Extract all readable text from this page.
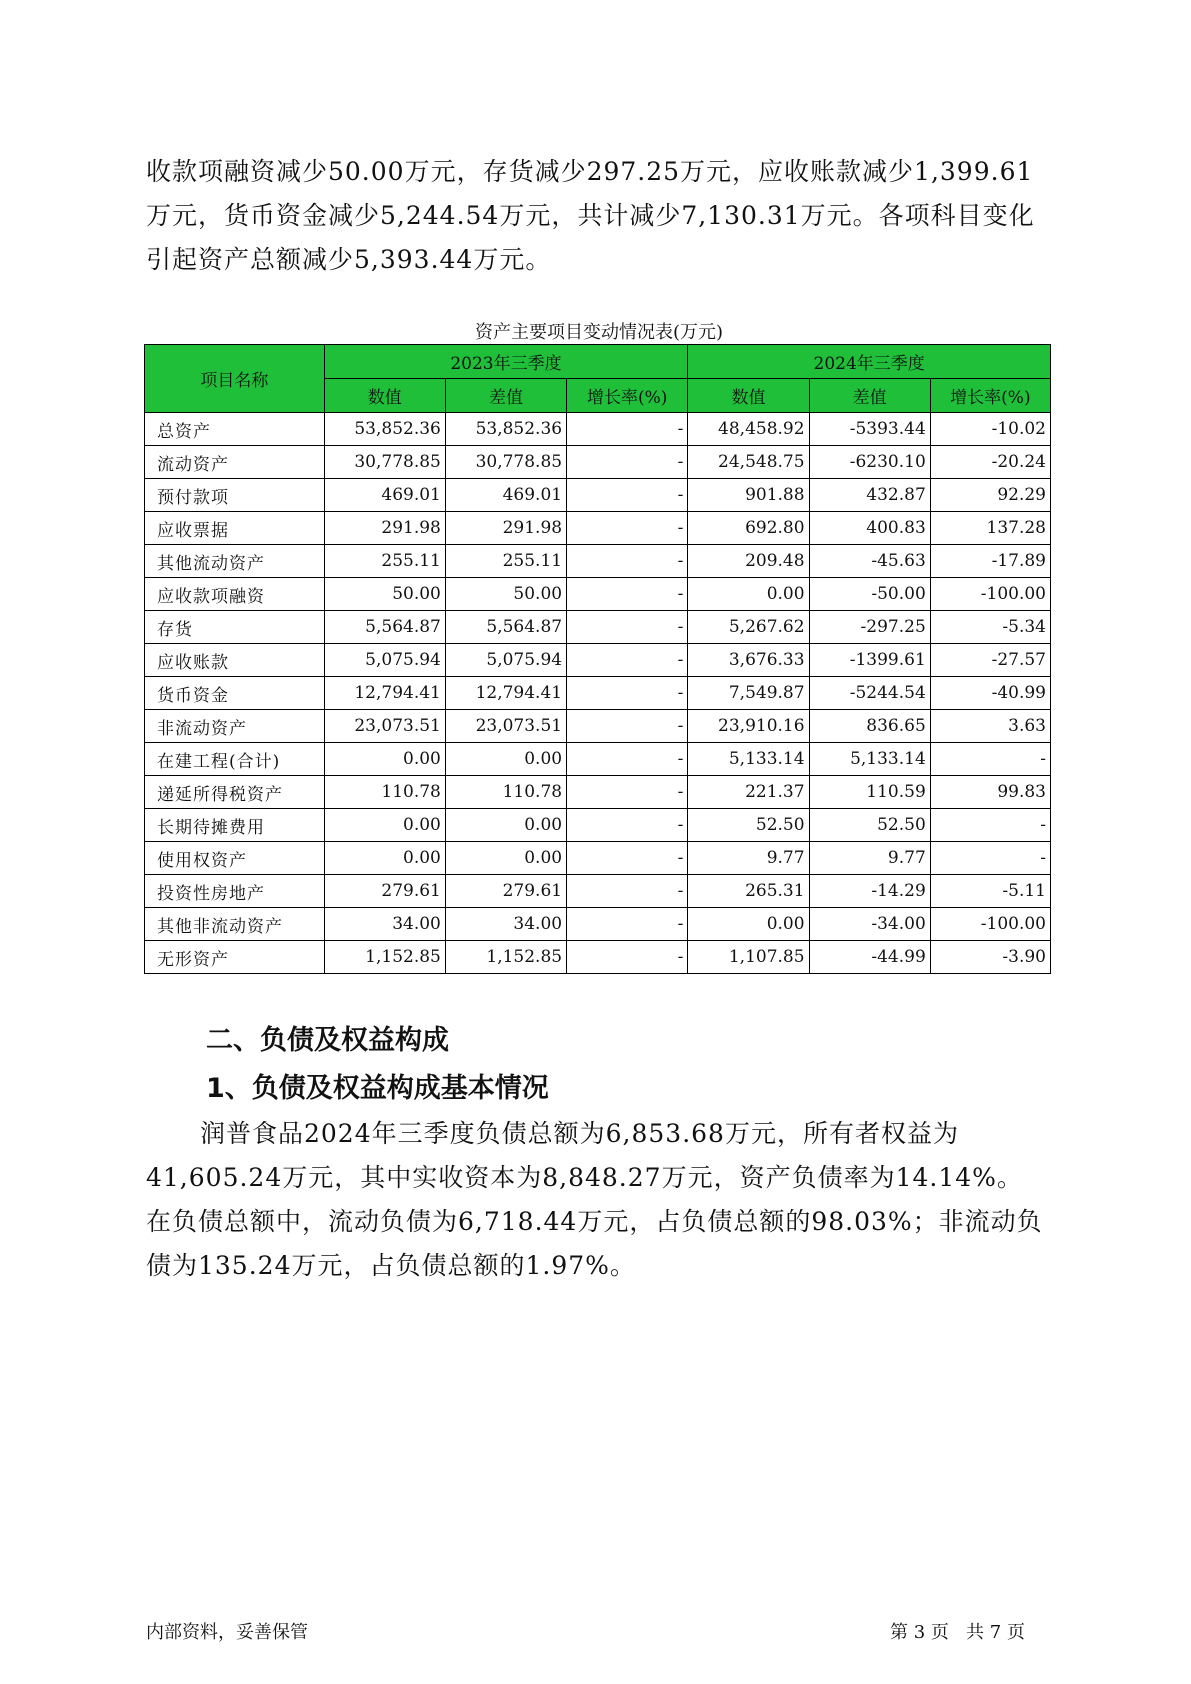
收款项融资减少50.00万元，存货减少297.25万元，应收账款减少1,399.61万元，货币资金减少5,244.54万元，共计减少7,130.31万元。各项科目变化引起资产总额减少5,393.44万元。
资产主要项目变动情况表(万元)
项目名称	2023年三季度			2024年三季度		
	数值	差值	增长率(%)	数值	差值	增长率(%)
总资产	53,852.36	53,852.36	-	48,458.92	-5393.44	-10.02
流动资产	30,778.85	30,778.85	-	24,548.75	-6230.10	-20.24
预付款项	469.01	469.01	-	901.88	432.87	92.29
应收票据	291.98	291.98	-	692.80	400.83	137.28
其他流动资产	255.11	255.11	-	209.48	-45.63	-17.89
应收款项融资	50.00	50.00	-	0.00	-50.00	-100.00
存货	5,564.87	5,564.87	-	5,267.62	-297.25	-5.34
应收账款	5,075.94	5,075.94	-	3,676.33	-1399.61	-27.57
货币资金	12,794.41	12,794.41	-	7,549.87	-5244.54	-40.99
非流动资产	23,073.51	23,073.51	-	23,910.16	836.65	3.63
在建工程(合计)	0.00	0.00	-	5,133.14	5,133.14	-
递延所得税资产	110.78	110.78	-	221.37	110.59	99.83
长期待摊费用	0.00	0.00	-	52.50	52.50	-
使用权资产	0.00	0.00	-	9.77	9.77	-
投资性房地产	279.61	279.61	-	265.31	-14.29	-5.11
其他非流动资产	34.00	34.00	-	0.00	-34.00	-100.00
无形资产	1,152.85	1,152.85	-	1,107.85	-44.99	-3.90
二、负债及权益构成
1、负债及权益构成基本情况
润普食品2024年三季度负债总额为6,853.68万元，所有者权益为41,605.24万元，其中实收资本为8,848.27万元，资产负债率为14.14%。在负债总额中，流动负债为6,718.44万元，占负债总额的98.03%；非流动负债为135.24万元，占负债总额的1.97%。
内部资料，妥善保管	第 3 页   共 7 页
